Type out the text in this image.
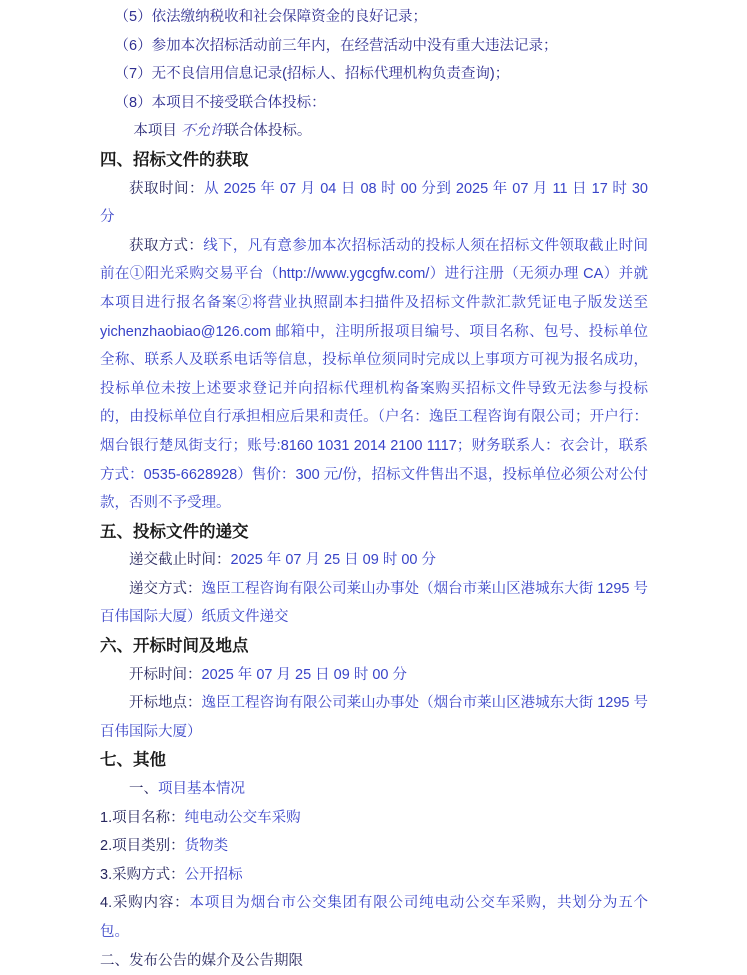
（5）依法缴纳税收和社会保障资金的良好记录；

（6）参加本次招标活动前三年内，在经营活动中没有重大违法记录；

（7）无不良信用信息记录(招标人、招标代理机构负责查询)；

（8）本项目不接受联合体投标：

本项目 不允许联合体投标。

四、招标文件的获取

获取时间：从 2025 年 07 月 04 日 08 时 00 分到 2025 年 07 月 11 日 17 时 30 分

获取方式：线下，凡有意参加本次招标活动的投标人须在招标文件领取截止时间前在①阳光采购交易平台（http://www.ygcgfw.com/）进行注册（无须办理 CA）并就本项目进行报名备案②将营业执照副本扫描件及招标文件款汇款凭证电子版发送至 yichenzhaobiao@126.com 邮箱中，注明所报项目编号、项目名称、包号、投标单位全称、联系人及联系电话等信息，投标单位须同时完成以上事项方可视为报名成功，投标单位未按上述要求登记并向招标代理机构备案购买招标文件导致无法参与投标的，由投标单位自行承担相应后果和责任。（户名：逸臣工程咨询有限公司；开户行：烟台银行楚凤街支行；账号:8160 1031 2014 2100 1117；财务联系人：衣会计，联系方式：0535-6628928）售价：300 元/份，招标文件售出不退，投标单位必须公对公付款，否则不予受理。

五、投标文件的递交

递交截止时间：2025 年 07 月 25 日 09 时 00 分

递交方式：逸臣工程咨询有限公司莱山办事处（烟台市莱山区港城东大街 1295 号百伟国际大厦）纸质文件递交

六、开标时间及地点

开标时间：2025 年 07 月 25 日 09 时 00 分

开标地点：逸臣工程咨询有限公司莱山办事处（烟台市莱山区港城东大街 1295 号百伟国际大厦）

七、其他

一、项目基本情况

1.项目名称：纯电动公交车采购

2.项目类别：货物类

3.采购方式：公开招标

4.采购内容：本项目为烟台市公交集团有限公司纯电动公交车采购，共划分为五个包。

二、发布公告的媒介及公告期限
